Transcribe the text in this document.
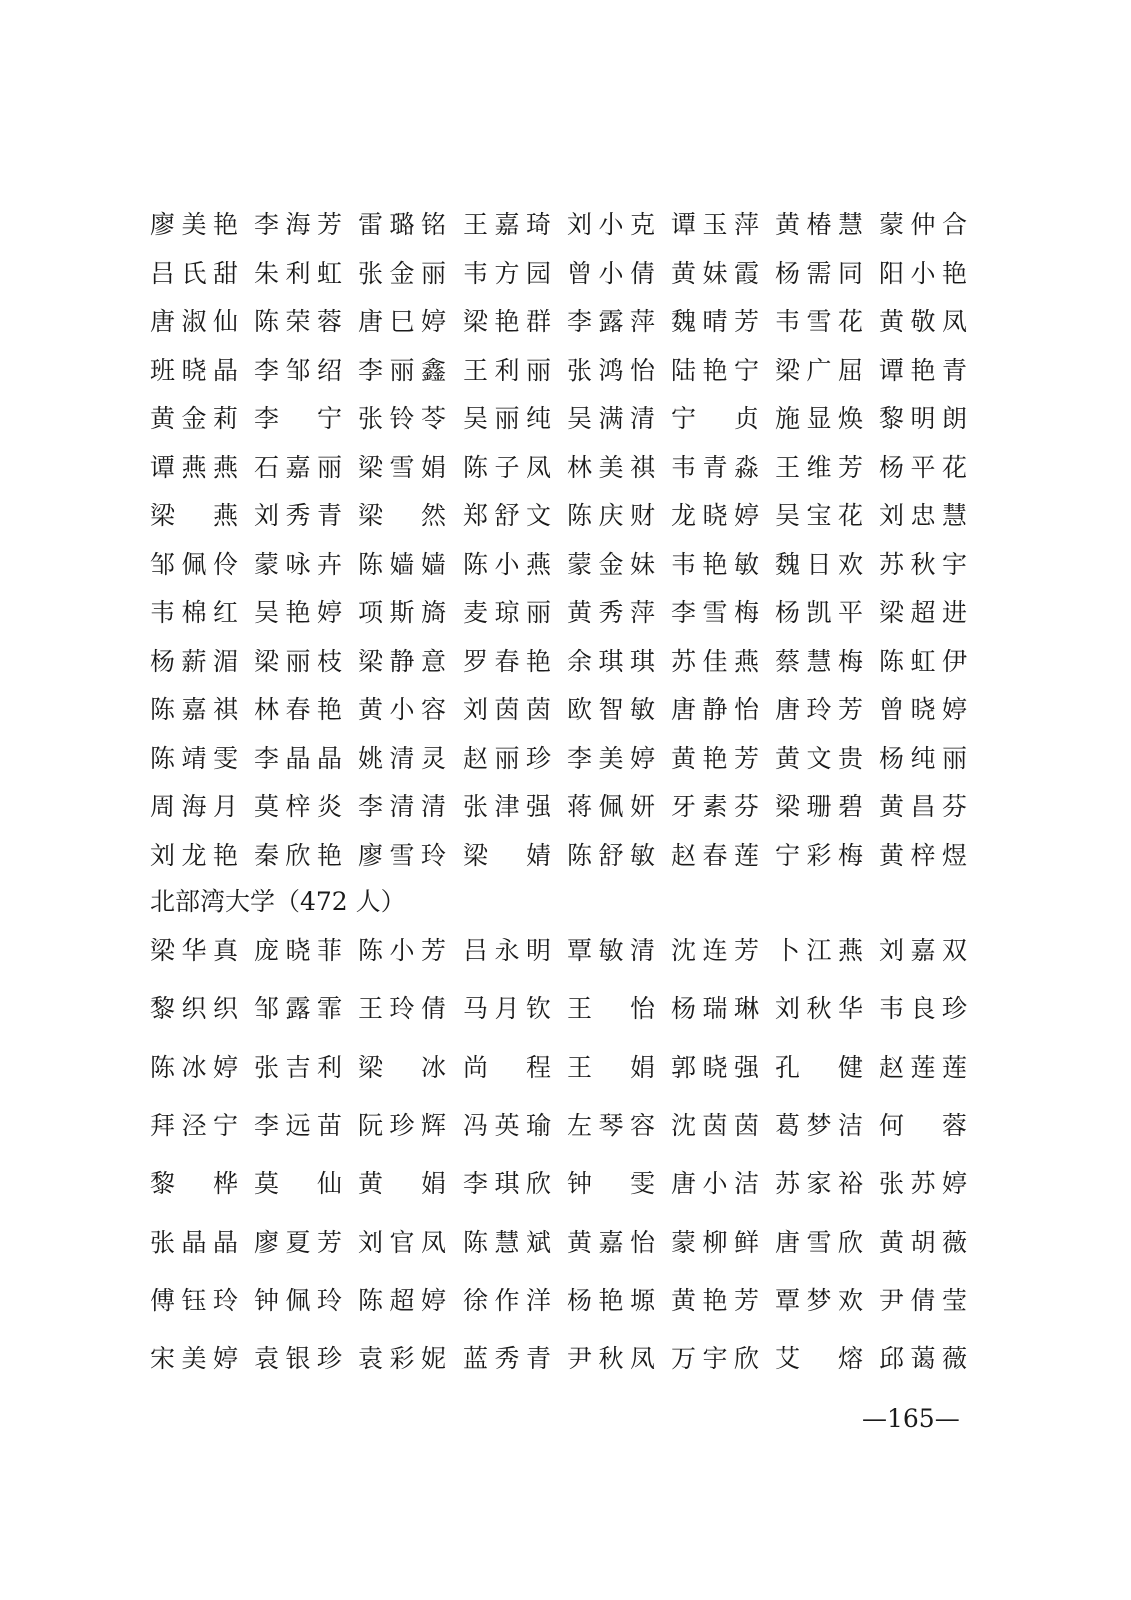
廖美艳 李海芳 雷璐铭 王嘉琦 刘小克 谭玉萍 黄椿慧 蒙仲合
吕氏甜 朱利虹 张金丽 韦方园 曾小倩 黄妹霞 杨需同 阳小艳
唐淑仙 陈荣蓉 唐巳婷 梁艳群 李露萍 魏晴芳 韦雪花 黄敬凤
班晓晶 李邹绍 李丽鑫 王利丽 张鸿怡 陆艳宁 梁广屈 谭艳青
黄金莉 李 宁 张铃苓 吴丽纯 吴满清 宁 贞 施显焕 黎明朗
谭燕燕 石嘉丽 梁雪娟 陈子凤 林美祺 韦青淼 王维芳 杨平花
梁 燕 刘秀青 梁 然 郑舒文 陈庆财 龙晓婷 吴宝花 刘忠慧
邹佩伶 蒙咏卉 陈嫱嫱 陈小燕 蒙金妹 韦艳敏 魏日欢 苏秋宇
韦棉红 吴艳婷 项斯旖 麦琼丽 黄秀萍 李雪梅 杨凯平 梁超进
杨薪湄 梁丽枝 梁静意 罗春艳 余琪琪 苏佳燕 蔡慧梅 陈虹伊
陈嘉祺 林春艳 黄小容 刘茵茵 欧智敏 唐静怡 唐玲芳 曾晓婷
陈靖雯 李晶晶 姚清灵 赵丽珍 李美婷 黄艳芳 黄文贵 杨纯丽
周海月 莫梓炎 李清清 张津强 蒋佩妍 牙素芬 梁珊碧 黄昌芬
刘龙艳 秦欣艳 廖雪玲 梁 婧 陈舒敏 赵春莲 宁彩梅 黄梓煜
北部湾大学（472 人）
梁华真 庞晓菲 陈小芳 吕永明 覃敏清 沈连芳 卜江燕 刘嘉双
黎织织 邹露霏 王玲倩 马月钦 王 怡 杨瑞琳 刘秋华 韦良珍
陈冰婷 张吉利 梁 冰 尚 程 王 娟 郭晓强 孔 健 赵莲莲
拜泾宁 李远苗 阮珍辉 冯英瑜 左琴容 沈茵茵 葛梦洁 何 蓉
黎 桦 莫 仙 黄 娟 李琪欣 钟 雯 唐小洁 苏家裕 张苏婷
张晶晶 廖夏芳 刘官凤 陈慧斌 黄嘉怡 蒙柳鲜 唐雪欣 黄胡薇
傅钰玲 钟佩玲 陈超婷 徐作洋 杨艳塬 黄艳芳 覃梦欢 尹倩莹
宋美婷 袁银珍 袁彩妮 蓝秀青 尹秋凤 万宇欣 艾 熔 邱蔼薇
—165—
